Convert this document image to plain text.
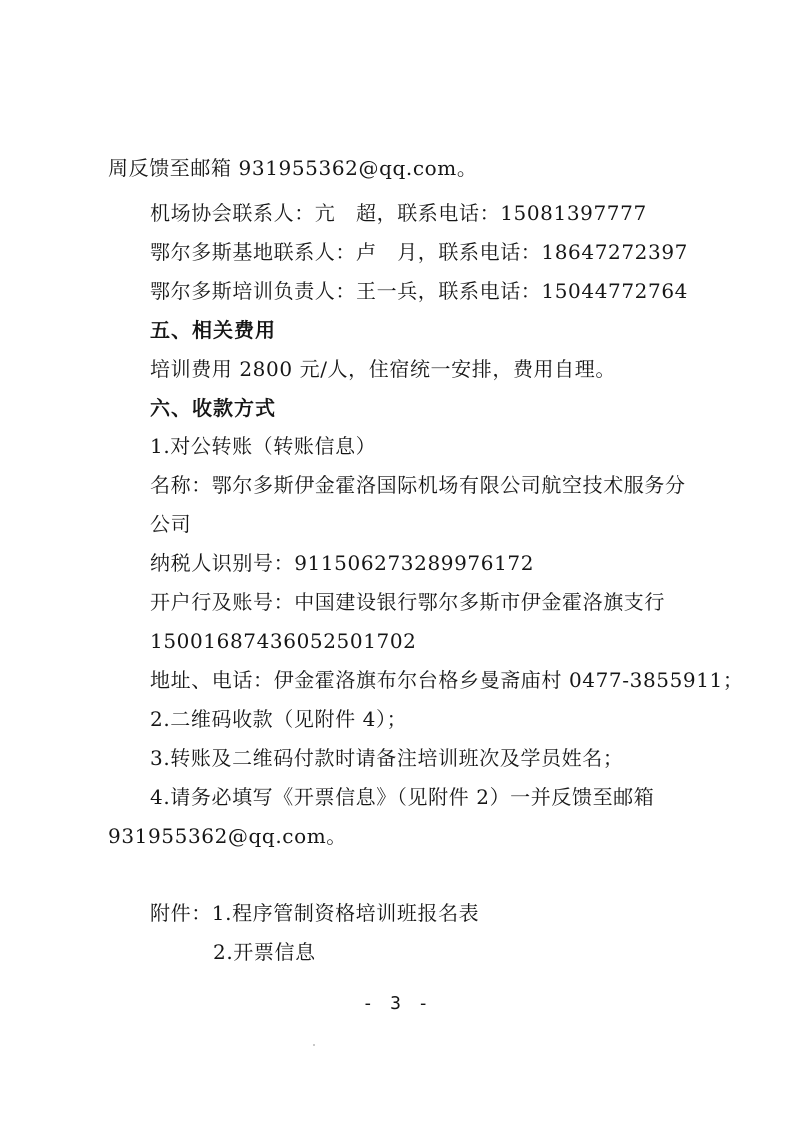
周反馈至邮箱 931955362@qq.com。
机场协会联系人：亢　超，联系电话：15081397777
鄂尔多斯基地联系人：卢　月，联系电话：18647272397
鄂尔多斯培训负责人：王一兵，联系电话：15044772764
五、相关费用
培训费用 2800 元/人，住宿统一安排，费用自理。
六、收款方式
1.对公转账（转账信息）
名称：鄂尔多斯伊金霍洛国际机场有限公司航空技术服务分
公司
纳税人识别号：91150627328997617​2
开户行及账号：中国建设银行鄂尔多斯市伊金霍洛旗支行
15001687436052501702
地址、电话：伊金霍洛旗布尔台格乡曼斋庙村 0477-3855911；
2.二维码收款（见附件 4）；
3.转账及二维码付款时请备注培训班次及学员姓名；
4.请务必填写《开票信息》（见附件 2）一并反馈至邮箱
931955362@qq.com。
附件：1.程序管制资格培训班报名表
2.开票信息
- 3 -
